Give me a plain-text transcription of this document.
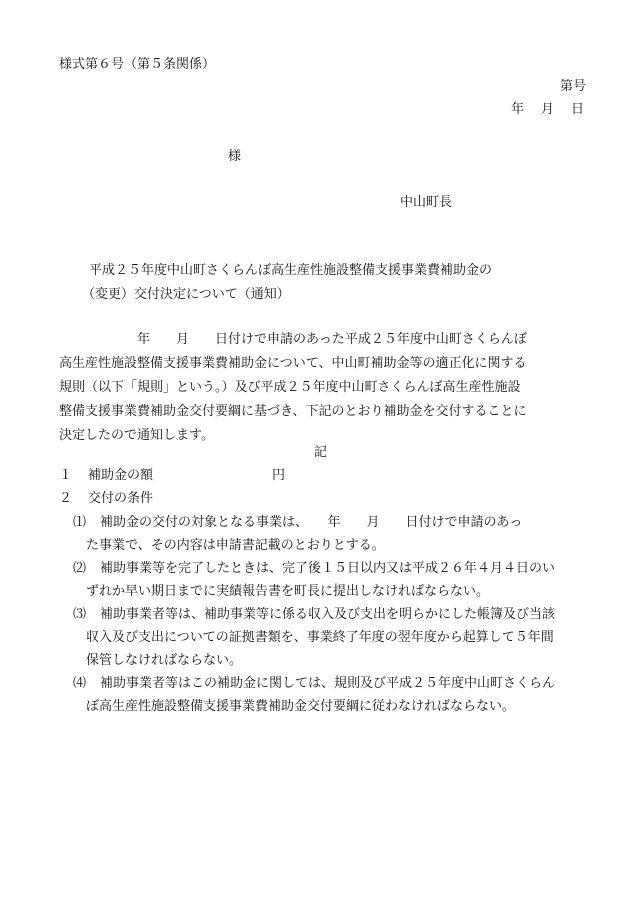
様式第６号（第５条関係）
第号
年　月　日
様
中山町長
平成２５年度中山町さくらんぼ高生産性施設整備支援事業費補助金の
（変更）交付決定について（通知）
　　　　　　年　　月　　日付けで申請のあった平成２５年度中山町さくらんぼ
高生産性施設整備支援事業費補助金について、中山町補助金等の適正化に関する
規則（以下「規則」という。）及び平成２５年度中山町さくらんぼ高生産性施設
整備支援事業費補助金交付要綱に基づき、下記のとおり補助金を交付することに
決定したので通知します。
記
１ 補助金の額	円
２ 交付の条件
⑴ 補助金の交付の対象となる事業は、　　年　　月　　日付けで申請のあっ
た事業で、その内容は申請書記載のとおりとする。
⑵ 補助事業等を完了したときは、完了後１５日以内又は平成２６年４月４日のい
ずれか早い期日までに実績報告書を町長に提出しなければならない。
⑶ 補助事業者等は、補助事業等に係る収入及び支出を明らかにした帳簿及び当該
収入及び支出についての証拠書類を、事業終了年度の翌年度から起算して５年間
保管しなければならない。
⑷ 補助事業者等はこの補助金に関しては、規則及び平成２５年度中山町さくらん
ぼ高生産性施設整備支援事業費補助金交付要綱に従わなければならない。
